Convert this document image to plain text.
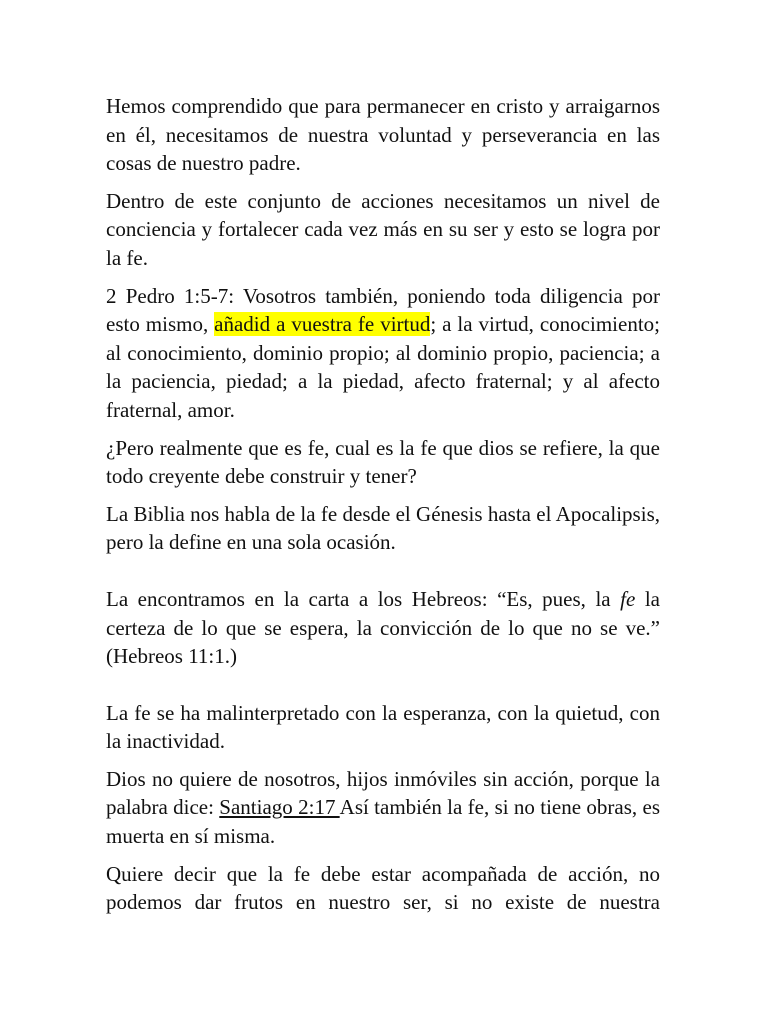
Hemos comprendido que para permanecer en cristo y arraigarnos en él, necesitamos de nuestra voluntad y perseverancia en las cosas de nuestro padre.

Dentro de este conjunto de acciones necesitamos un nivel de conciencia y fortalecer cada vez más en su ser y esto se logra por la fe.

2 Pedro 1:5-7: Vosotros también, poniendo toda diligencia por esto mismo, añadid a vuestra fe virtud; a la virtud, conocimiento; al conocimiento, dominio propio; al dominio propio, paciencia; a la paciencia, piedad; a la piedad, afecto fraternal; y al afecto fraternal, amor.

¿Pero realmente que es fe, cual es la fe que dios se refiere, la que todo creyente debe construir y tener?

La Biblia nos habla de la fe desde el Génesis hasta el Apocalipsis, pero la define en una sola ocasión.

La encontramos en la carta a los Hebreos: “Es, pues, la fe la certeza de lo que se espera, la convicción de lo que no se ve.” (Hebreos 11:1.)

La fe se ha malinterpretado con la esperanza, con la quietud, con la inactividad.

Dios no quiere de nosotros, hijos inmóviles sin acción, porque la palabra dice: Santiago 2:17 Así también la fe, si no tiene obras, es muerta en sí misma.

Quiere decir que la fe debe estar acompañada de acción, no podemos dar frutos en nuestro ser, si no existe de nuestra
